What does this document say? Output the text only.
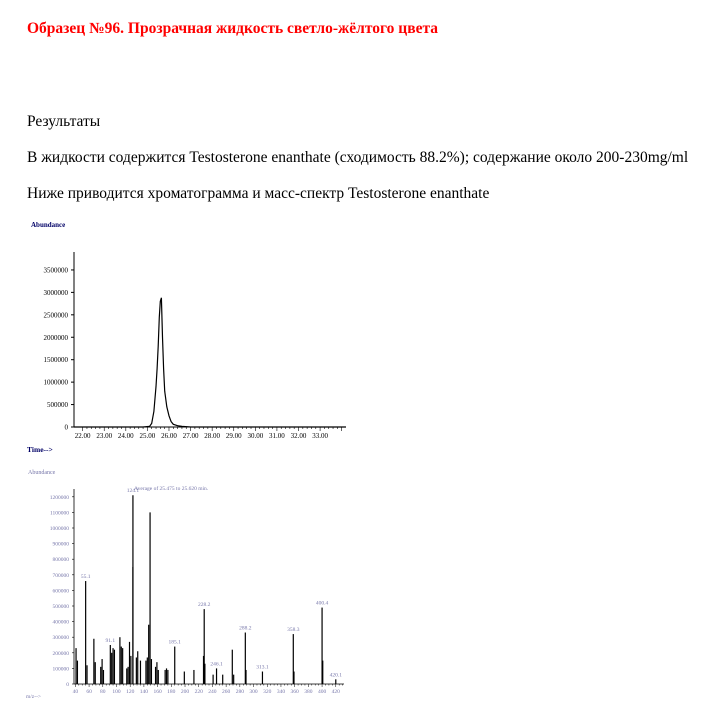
Образец №96. Прозрачная жидкость светло-жёлтого цвета
Результаты
В жидкости содержится Testosterone enanthate (сходимость 88.2%); содержание около 200-230mg/ml
Ниже приводится хроматограмма и масс-спектр Testosterone enanthate
Abundance
Time-->
0
500000
1000000
1500000
2000000
2500000
3000000
3500000
22.00 23.00 24.00 25.00 26.00 27.00 28.00 29.00 30.00 31.00 32.00 33.00
Abundance
Average of 25.475 to 25.620 min.
m/z-->
0
100000
200000
300000
400000
500000
600000
700000
800000
900000
1000000
1100000
1200000
40 60 80 100 120 140 160 180 200 220 240 260 280 300 320 340 360 380 400 420
55.1
91.1
124.1
185.1
228.2
246.1
288.2
313.1
358.3
400.4
420.1
